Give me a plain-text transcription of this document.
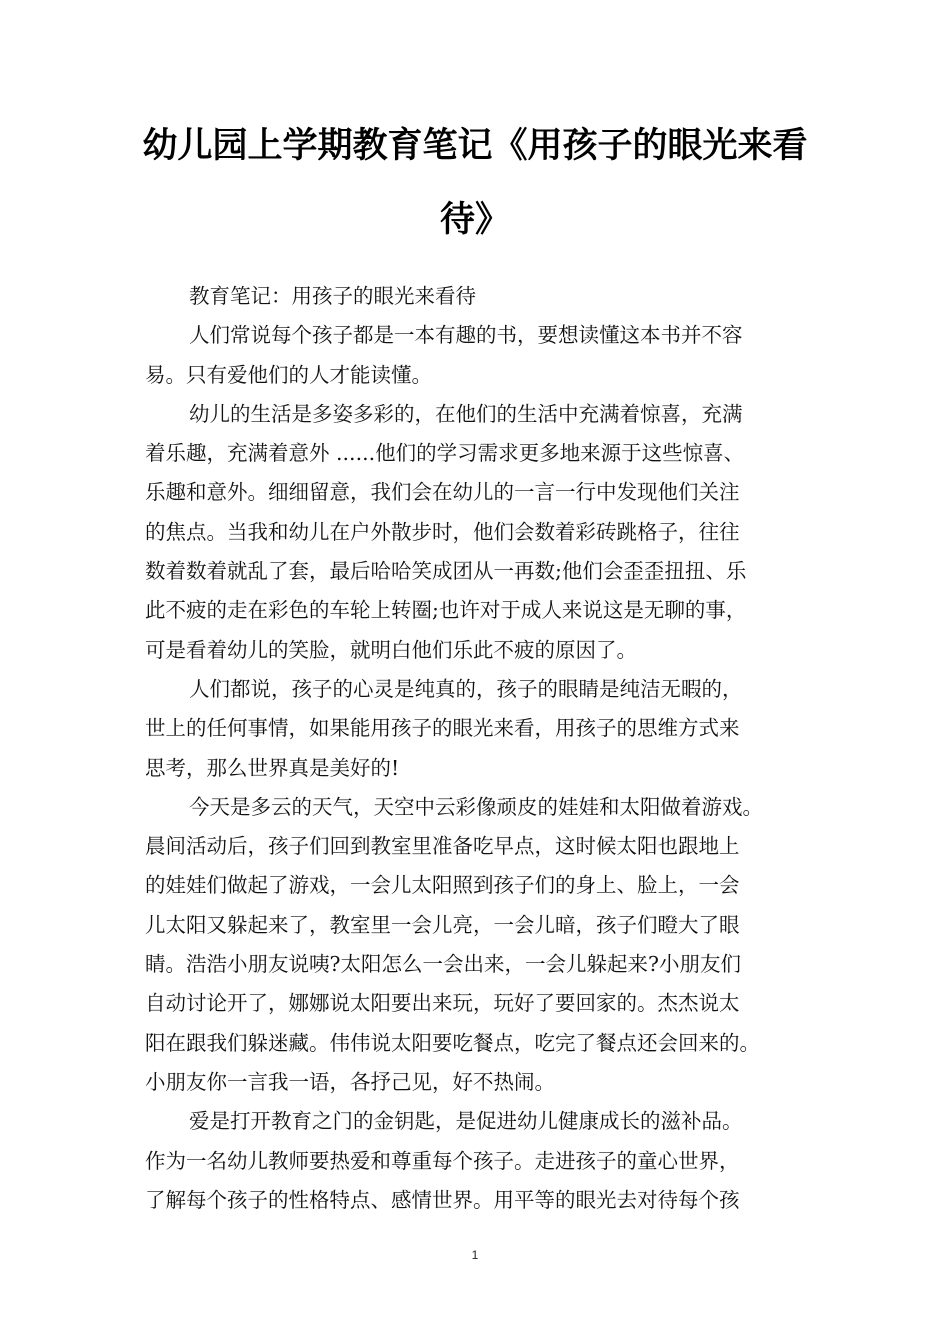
幼儿园上学期教育笔记《用孩子的眼光来看
待》
教育笔记：用孩子的眼光来看待
人们常说每个孩子都是一本有趣的书，要想读懂这本书并不容
易。只有爱他们的人才能读懂。
幼儿的生活是多姿多彩的，在他们的生活中充满着惊喜，充满
着乐趣，充满着意外 ......他们的学习需求更多地来源于这些惊喜、
乐趣和意外。细细留意，我们会在幼儿的一言一行中发现他们关注
的焦点。当我和幼儿在户外散步时，他们会数着彩砖跳格子，往往
数着数着就乱了套，最后哈哈笑成团从一再数;他们会歪歪扭扭、乐
此不疲的走在彩色的车轮上转圈;也许对于成人来说这是无聊的事，
可是看着幼儿的笑脸，就明白他们乐此不疲的原因了。
人们都说，孩子的心灵是纯真的，孩子的眼睛是纯洁无暇的，
世上的任何事情，如果能用孩子的眼光来看，用孩子的思维方式来
思考，那么世界真是美好的!
今天是多云的天气，天空中云彩像顽皮的娃娃和太阳做着游戏。
晨间活动后，孩子们回到教室里准备吃早点，这时候太阳也跟地上
的娃娃们做起了游戏，一会儿太阳照到孩子们的身上、脸上，一会
儿太阳又躲起来了，教室里一会儿亮，一会儿暗，孩子们瞪大了眼
睛。浩浩小朋友说咦?太阳怎么一会出来，一会儿躲起来?小朋友们
自动讨论开了，娜娜说太阳要出来玩，玩好了要回家的。杰杰说太
阳在跟我们躲迷藏。伟伟说太阳要吃餐点，吃完了餐点还会回来的。
小朋友你一言我一语，各抒己见，好不热闹。
爱是打开教育之门的金钥匙，是促进幼儿健康成长的滋补品。
作为一名幼儿教师要热爱和尊重每个孩子。走进孩子的童心世界，
了解每个孩子的性格特点、感情世界。用平等的眼光去对待每个孩
1
